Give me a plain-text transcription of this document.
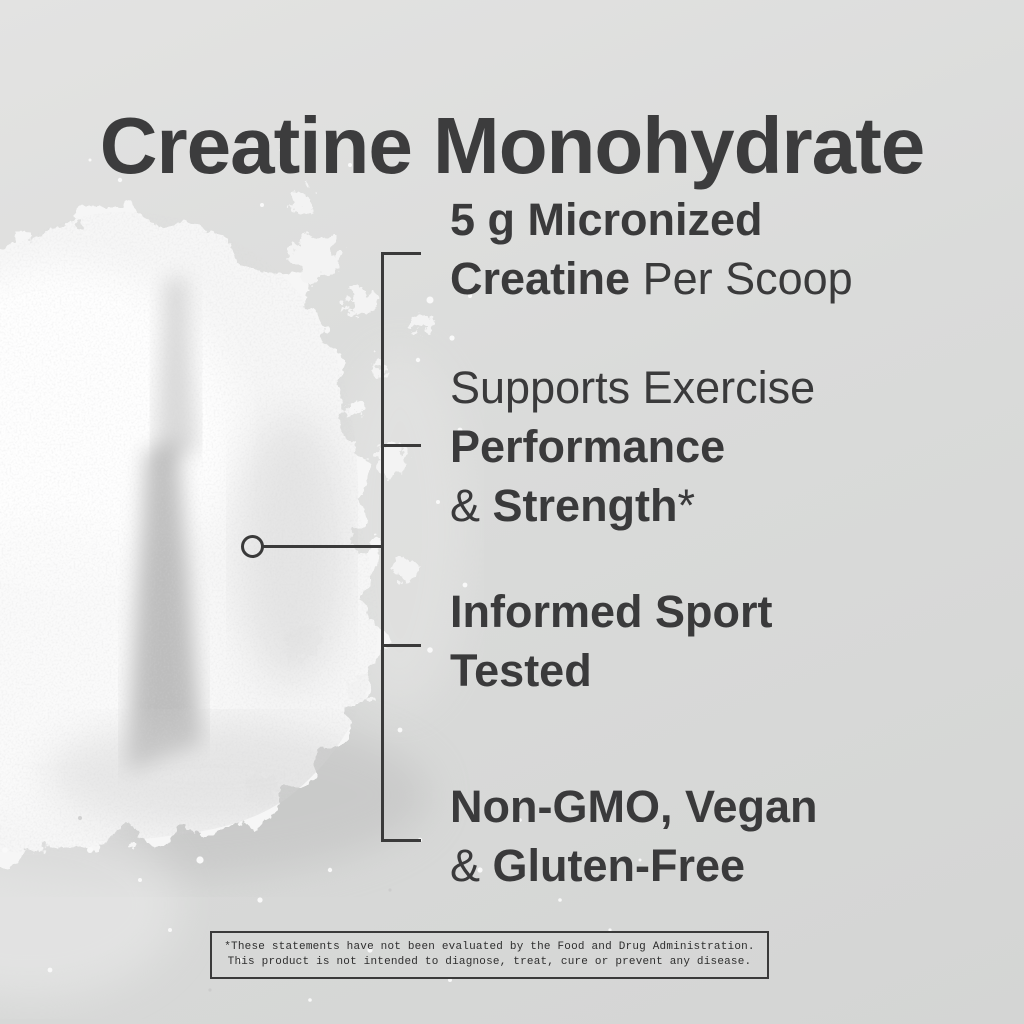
Creatine Monohydrate
5 g Micronized
Creatine Per Scoop
Supports Exercise
Performance
& Strength*
Informed Sport
Tested
Non-GMO, Vegan
& Gluten-Free
*These statements have not been evaluated by the Food and Drug Administration.
This product is not intended to diagnose, treat, cure or prevent any disease.
